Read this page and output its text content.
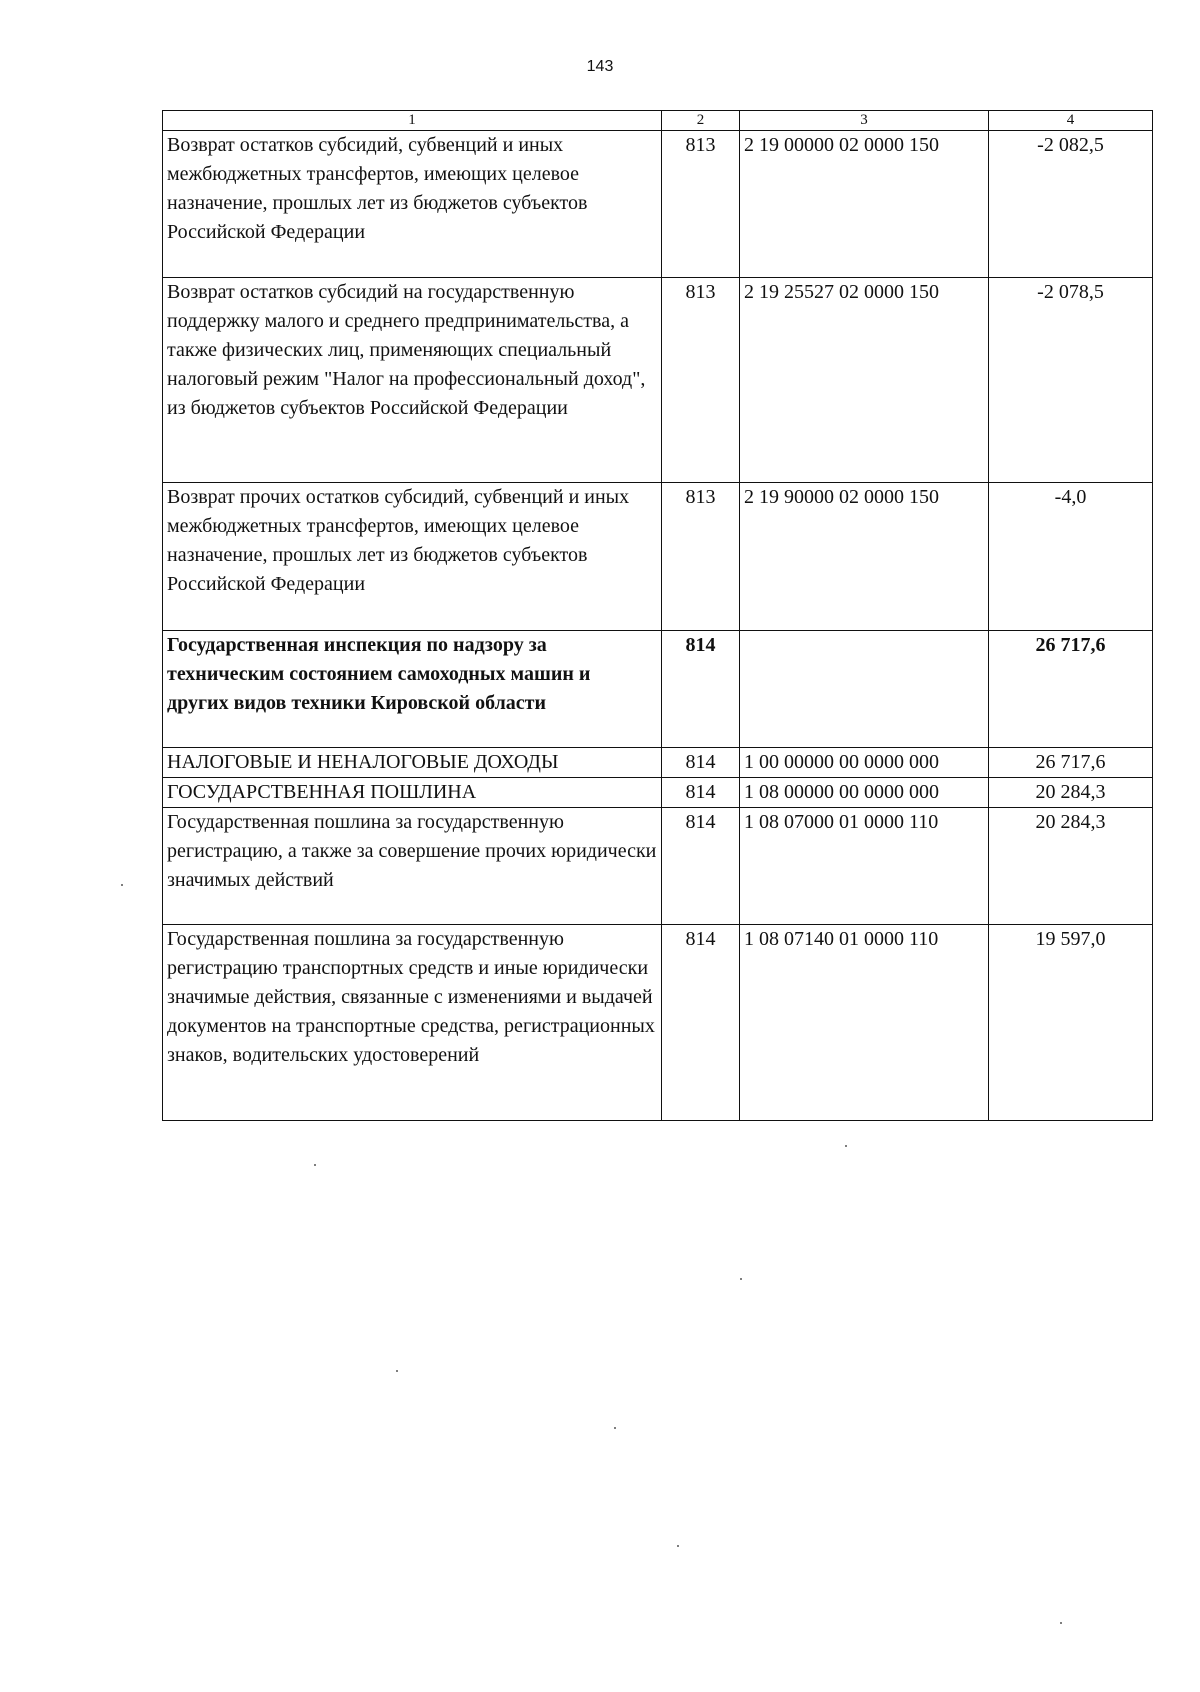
143
1	2	3	4
Возврат остатков субсидий, субвенций и иных межбюджетных трансфертов, имеющих целевое назначение, прошлых лет из бюджетов субъектов Российской Федерации	813	2 19 00000 02 0000 150	-2 082,5
Возврат остатков субсидий на государственную поддержку малого и среднего предпринимательства, а также физических лиц, применяющих специальный налоговый режим "Налог на профессиональный доход", из бюджетов субъектов Российской Федерации	813	2 19 25527 02 0000 150	-2 078,5
Возврат прочих остатков субсидий, субвенций и иных межбюджетных трансфертов, имеющих целевое назначение, прошлых лет из бюджетов субъектов Российской Федерации	813	2 19 90000 02 0000 150	-4,0
Государственная инспекция по надзору за техническим состоянием самоходных машин и других видов техники Кировской области	814		26 717,6
НАЛОГОВЫЕ И НЕНАЛОГОВЫЕ ДОХОДЫ	814	1 00 00000 00 0000 000	26 717,6
ГОСУДАРСТВЕННАЯ ПОШЛИНА	814	1 08 00000 00 0000 000	20 284,3
Государственная пошлина за государственную регистрацию, а также за совершение прочих юридически значимых действий	814	1 08 07000 01 0000 110	20 284,3
Государственная пошлина за государственную регистрацию транспортных средств и иные юридически значимые действия, связанные с изменениями и выдачей документов на транспортные средства, регистрационных знаков, водительских удостоверений	814	1 08 07140 01 0000 110	19 597,0
